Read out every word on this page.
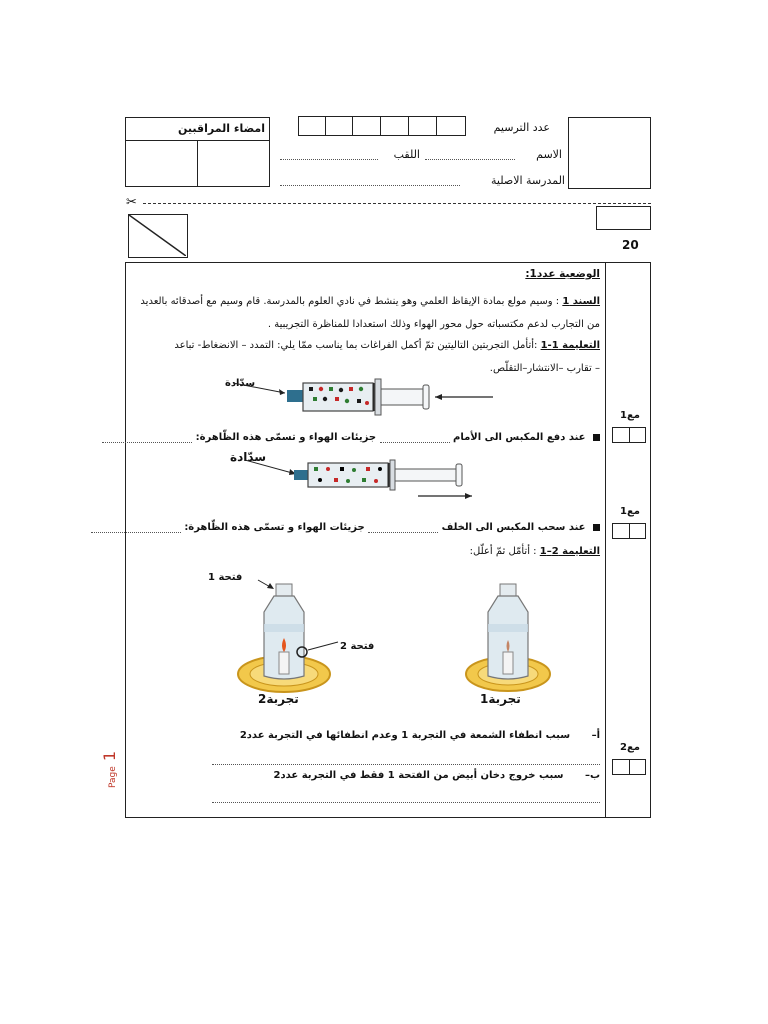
امضاء المراقبين	عدد الترسيم
الاسم
اللقب
المدرسة الاصلية
✂
20
الوضعية عدد1:
السند 1 : وسيم مولع بمادة الإيقاظ العلمي وهو ينشط في نادي العلوم بالمدرسة. قام وسيم مع أصدقائه بالعديد
من التجارب لدعم مكتسباته حول محور الهواء وذلك استعدادا للمناظرة التجريبية .
التعليمة 1-1 :أتأمل التجربتين التاليتين ثمّ أكمل الفراغات بما يناسب ممّا يلي: التمدد – الانضغاط- تباعد
– تقارب –الانتشار–التقلّص.
سدّادة
عند دفع المكبس الى الأمام  جزيئات الهواء و تسمّى هذه الظّاهرة:
سدّادة
عند سحب المكبس الى الخلف  جزيئات الهواء و تسمّى هذه الظّاهرة:
التعليمة 2–1 : أتأمّل ثمّ أعلّل:
فتحة 1
فتحة 2
تجربة2	تجربة1
أ– سبب انطفاء الشمعة في التجربة 1 وعدم انطفائها في التجربة عدد2
ب– سبب خروج دخان أبيض من الفتحة 1 فقط في التجربة عدد2
مع1
مع1
مع2
Page 1
